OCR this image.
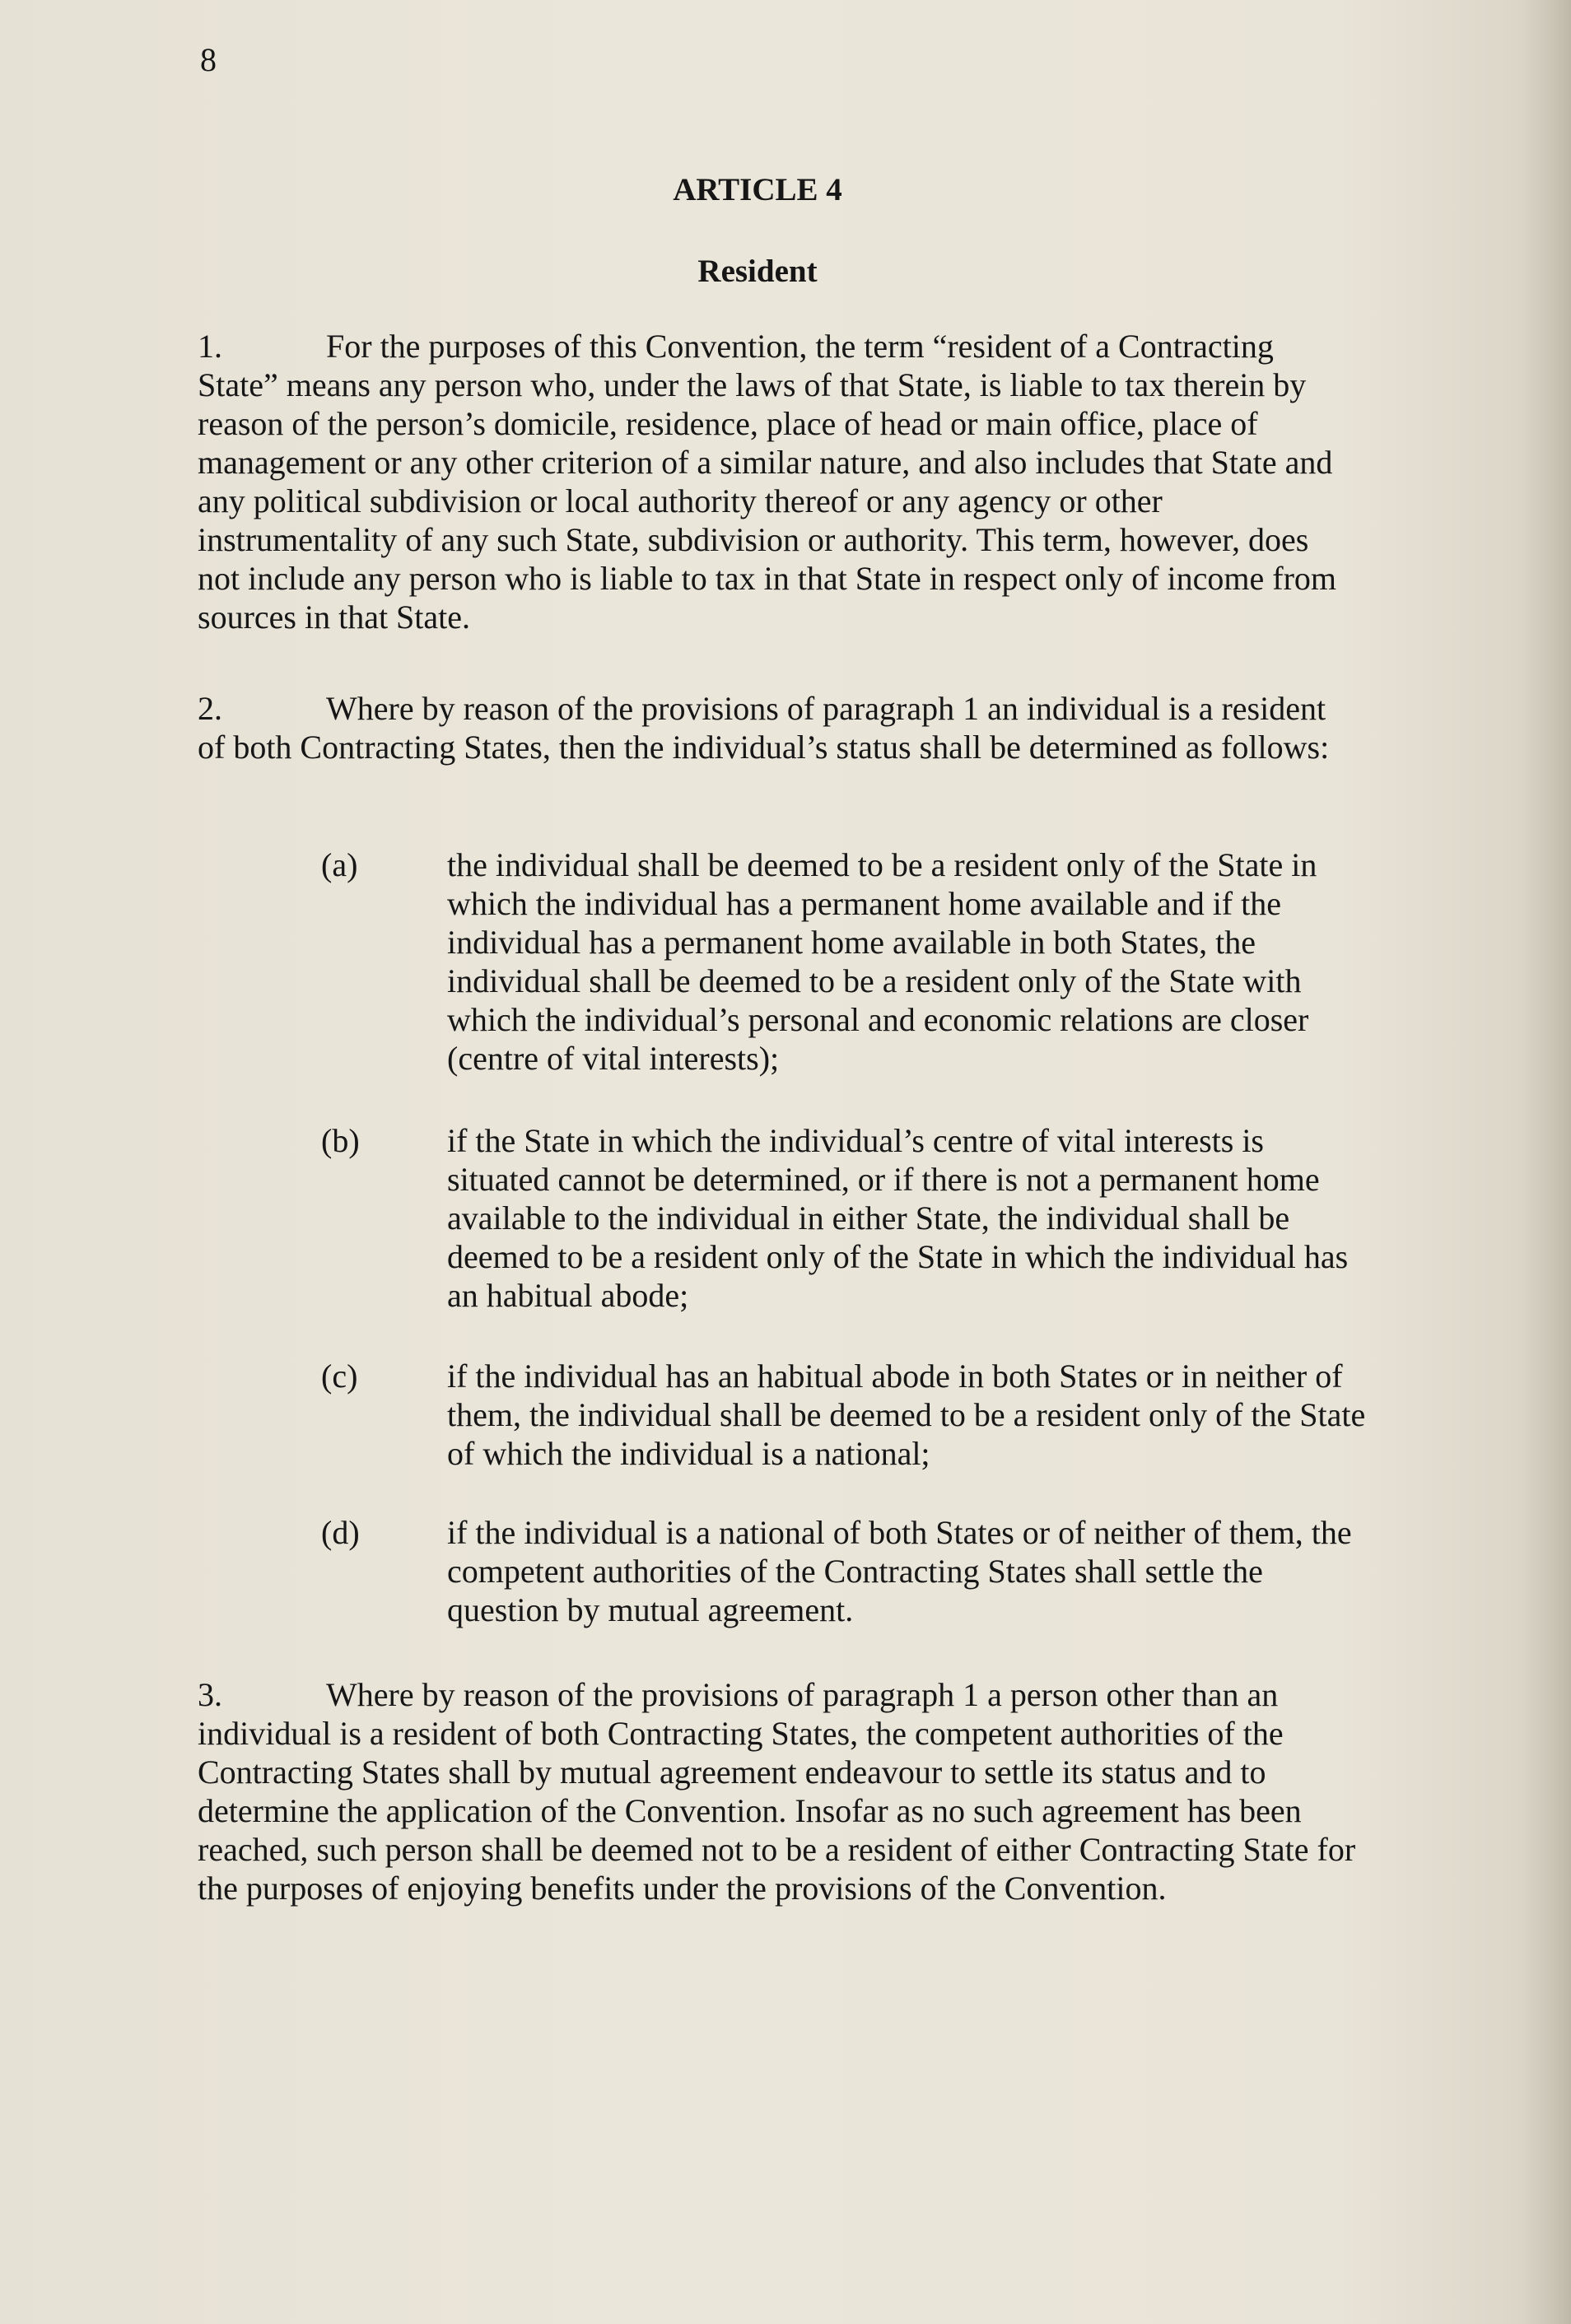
8
ARTICLE 4
Resident
1.	For the purposes of this Convention, the term “resident of a Contracting State” means any person who, under the laws of that State, is liable to tax therein by reason of the person’s domicile, residence, place of head or main office, place of management or any other criterion of a similar nature, and also includes that State and any political subdivision or local authority thereof or any agency or other instrumentality of any such State, subdivision or authority. This term, however, does not include any person who is liable to tax in that State in respect only of income from sources in that State.
2.	Where by reason of the provisions of paragraph 1 an individual is a resident of both Contracting States, then the individual’s status shall be determined as follows:
(a)	the individual shall be deemed to be a resident only of the State in which the individual has a permanent home available and if the individual has a permanent home available in both States, the individual shall be deemed to be a resident only of the State with which the individual’s personal and economic relations are closer (centre of vital interests);
(b)	if the State in which the individual’s centre of vital interests is situated cannot be determined, or if there is not a permanent home available to the individual in either State, the individual shall be deemed to be a resident only of the State in which the individual has an habitual abode;
(c)	if the individual has an habitual abode in both States or in neither of them, the individual shall be deemed to be a resident only of the State of which the individual is a national;
(d)	if the individual is a national of both States or of neither of them, the competent authorities of the Contracting States shall settle the question by mutual agreement.
3.	Where by reason of the provisions of paragraph 1 a person other than an individual is a resident of both Contracting States, the competent authorities of the Contracting States shall by mutual agreement endeavour to settle its status and to determine the application of the Convention. Insofar as no such agreement has been reached, such person shall be deemed not to be a resident of either Contracting State for the purposes of enjoying benefits under the provisions of the Convention.
